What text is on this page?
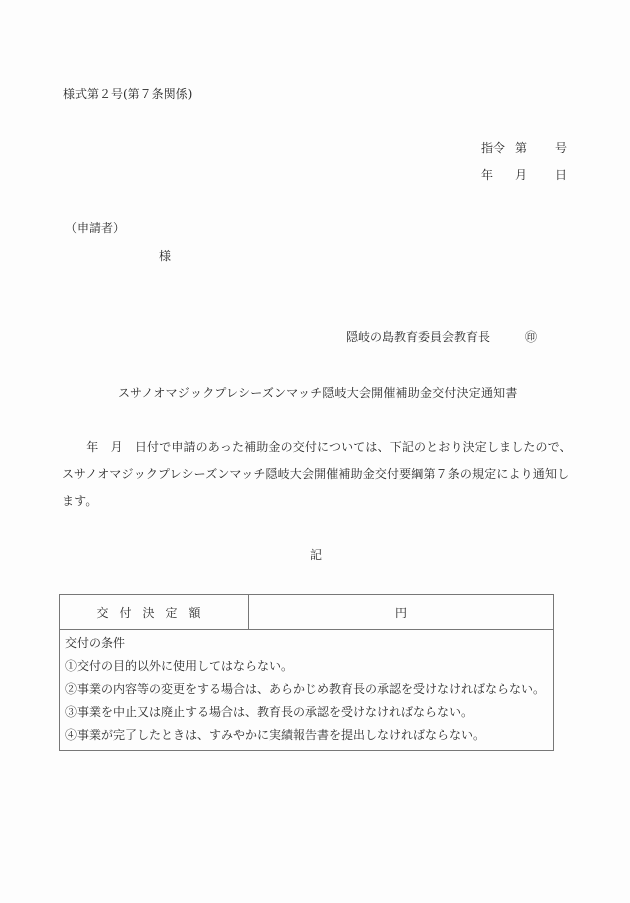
様式第２号(第７条関係)
指令 第 号
年 月 日
（申請者）
様
隠岐の島教育委員会教育長	㊞
スサノオマジックプレシーズンマッチ隠岐大会開催補助金交付決定通知書
　　年　月　日付で申請のあった補助金の交付については、下記のとおり決定しましたので、
スサノオマジックプレシーズンマッチ隠岐大会開催補助金交付要綱第７条の規定により通知し
ます。
記
交付決定額	円

交付の条件
①交付の目的以外に使用してはならない。
②事業の内容等の変更をする場合は、あらかじめ教育長の承認を受けなければならない。
③事業を中止又は廃止する場合は、教育長の承認を受けなければならない。
④事業が完了したときは、すみやかに実績報告書を提出しなければならない。
